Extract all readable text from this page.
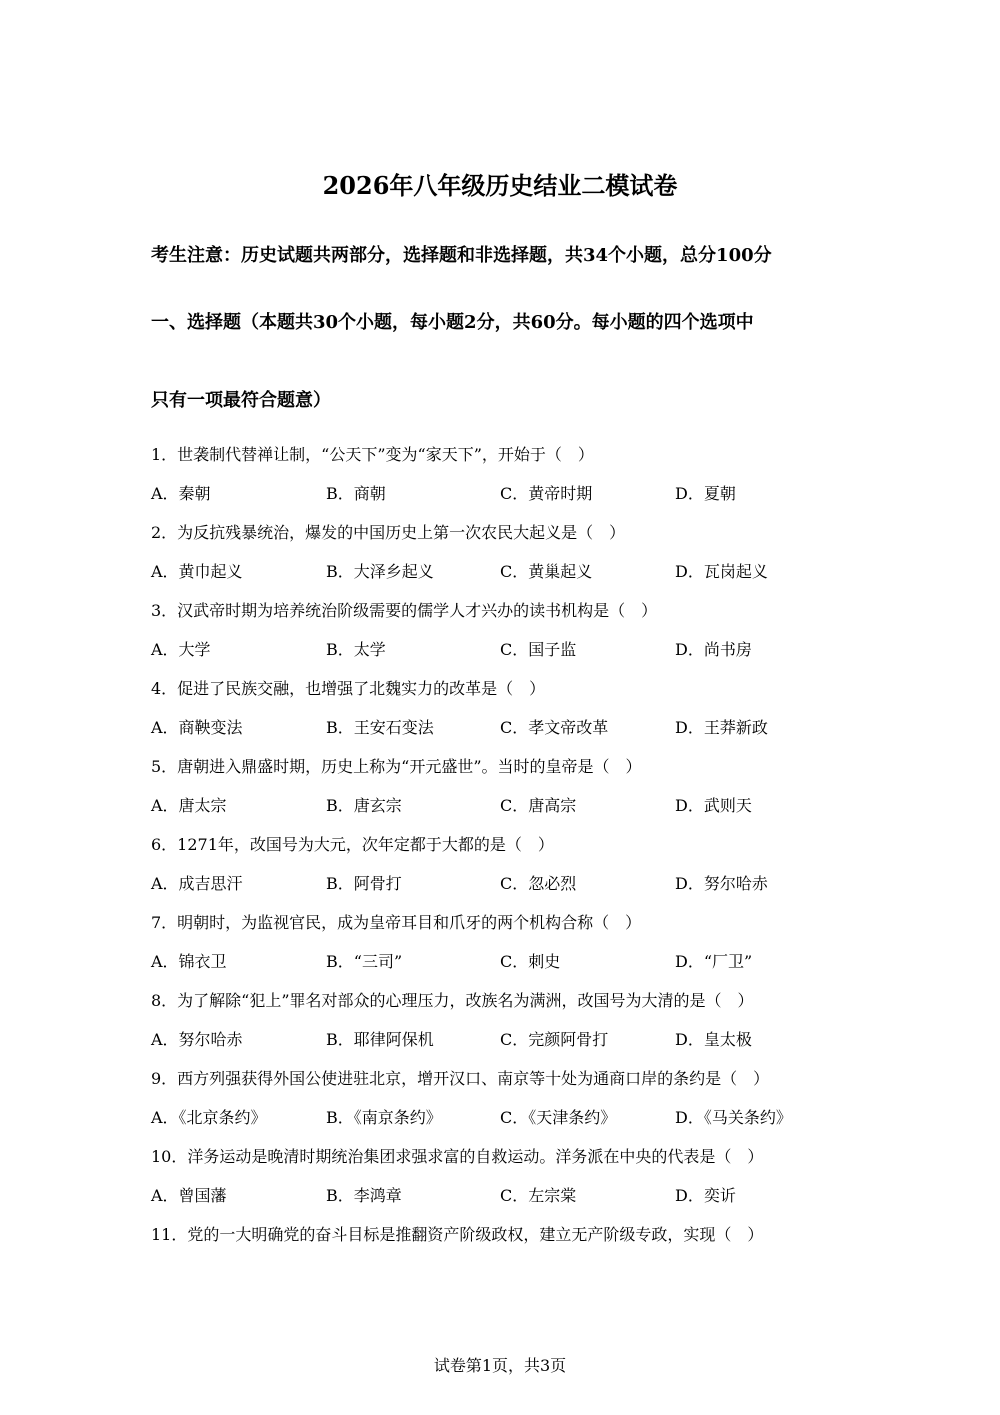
2026年八年级历史结业二模试卷
考生注意：历史试题共两部分，选择题和非选择题，共34个小题，总分100分
一、选择题（本题共30个小题，每小题2分，共60分。每小题的四个选项中
只有一项最符合题意）
1．世袭制代替禅让制，“公天下”变为“家天下”，开始于（　）
A．秦朝	B．商朝	C．黄帝时期	D．夏朝
2．为反抗残暴统治，爆发的中国历史上第一次农民大起义是（　）
A．黄巾起义	B．大泽乡起义	C．黄巢起义	D．瓦岗起义
3．汉武帝时期为培养统治阶级需要的儒学人才兴办的读书机构是（　）
A．大学	B．太学	C．国子监	D．尚书房
4．促进了民族交融，也增强了北魏实力的改革是（　）
A．商鞅变法	B．王安石变法	C．孝文帝改革	D．王莽新政
5．唐朝进入鼎盛时期，历史上称为“开元盛世”。当时的皇帝是（　）
A．唐太宗	B．唐玄宗	C．唐高宗	D．武则天
6．1271年，改国号为大元，次年定都于大都的是（　）
A．成吉思汗	B．阿骨打	C．忽必烈	D．努尔哈赤
7．明朝时，为监视官民，成为皇帝耳目和爪牙的两个机构合称（　）
A．锦衣卫	B．“三司”	C．刺史	D．“厂卫”
8．为了解除“犯上”罪名对部众的心理压力，改族名为满洲，改国号为大清的是（　）
A．努尔哈赤	B．耶律阿保机	C．完颜阿骨打	D．皇太极
9．西方列强获得外国公使进驻北京，增开汉口、南京等十处为通商口岸的条约是（　）
A．《北京条约》	B．《南京条约》	C．《天津条约》	D．《马关条约》
10．洋务运动是晚清时期统治集团求强求富的自救运动。洋务派在中央的代表是（　）
A．曾国藩	B．李鸿章	C．左宗棠	D．奕䜣
11．党的一大明确党的奋斗目标是推翻资产阶级政权，建立无产阶级专政，实现（　）
试卷第1页，共3页
